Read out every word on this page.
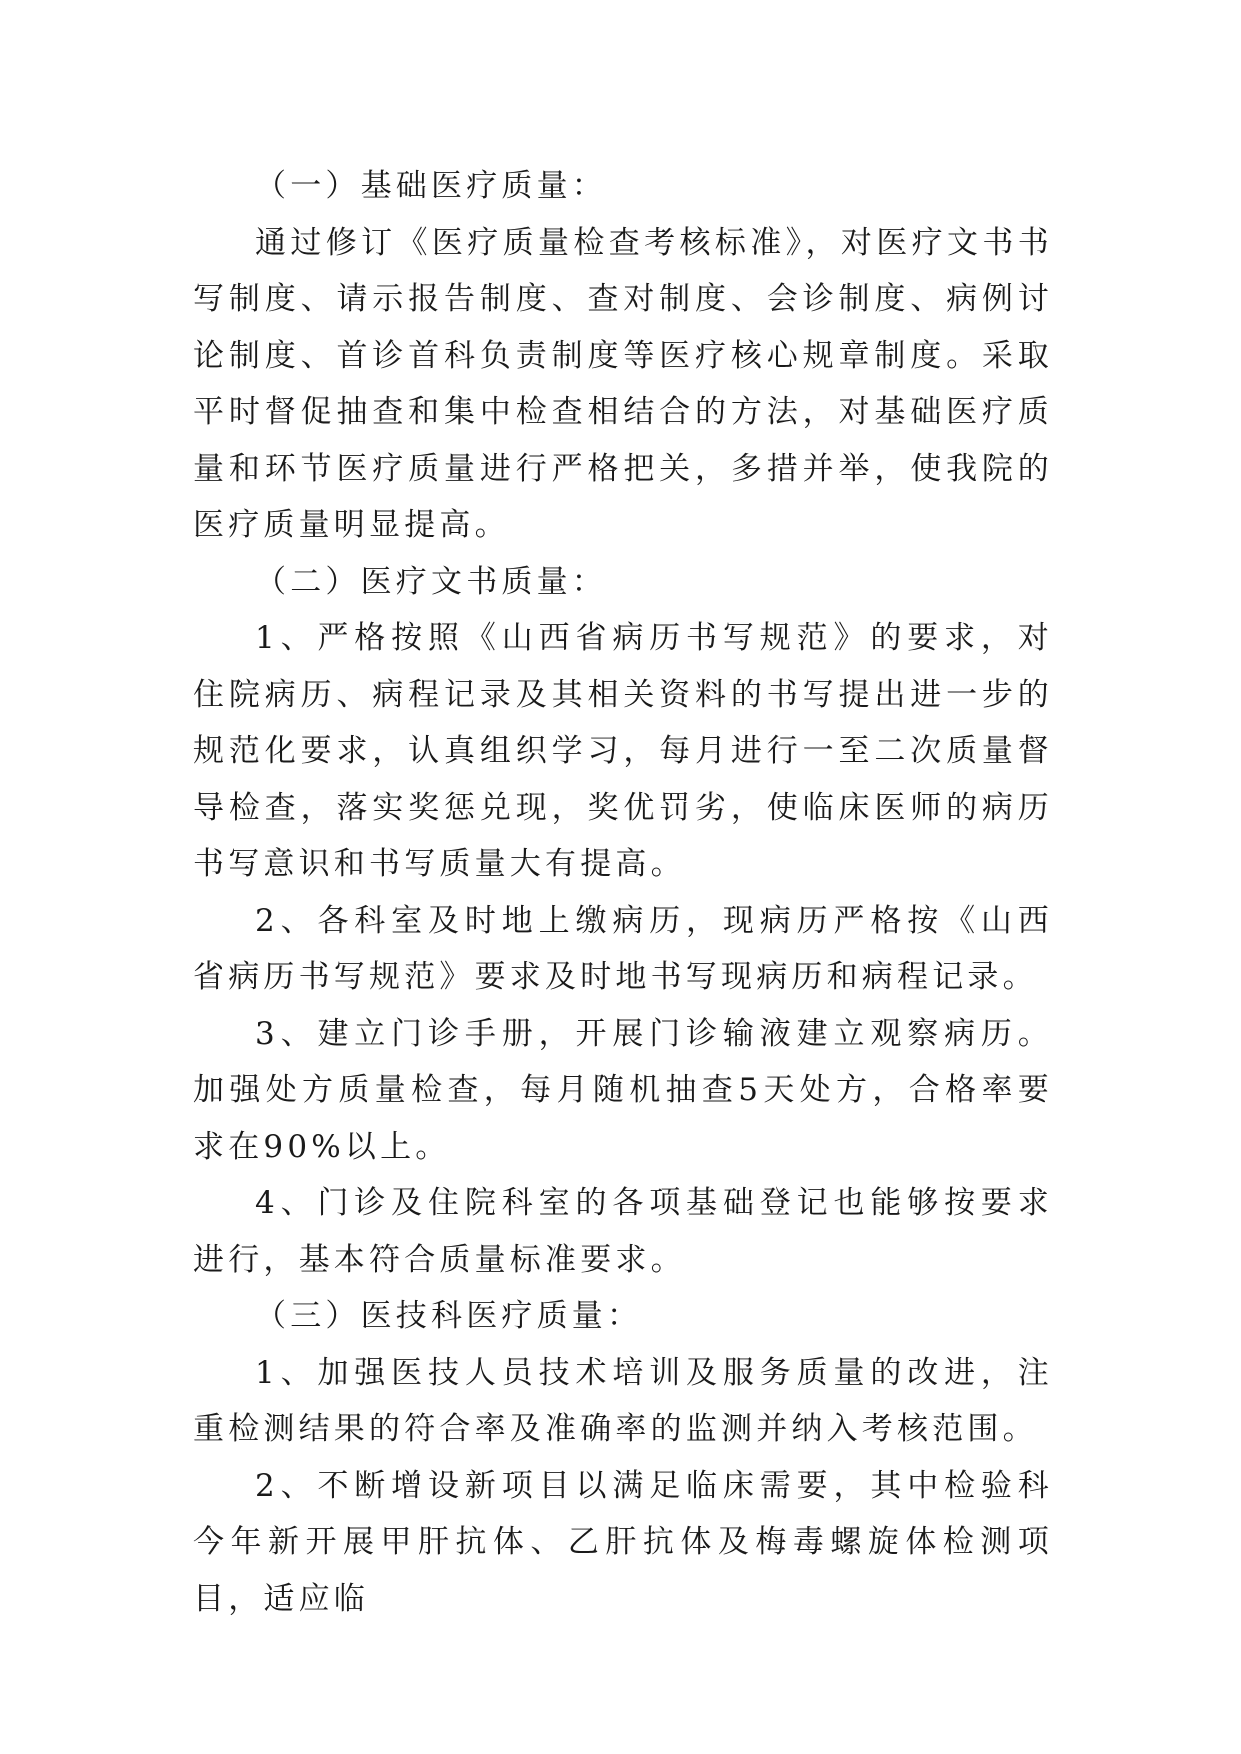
（一）基础医疗质量：

通过修订《医疗质量检查考核标准》，对医疗文书书写制度、请示报告制度、查对制度、会诊制度、病例讨论制度、首诊首科负责制度等医疗核心规章制度。采取平时督促抽查和集中检查相结合的方法，对基础医疗质量和环节医疗质量进行严格把关，多措并举，使我院的医疗质量明显提高。

（二）医疗文书质量：

1、严格按照《山西省病历书写规范》的要求，对住院病历、病程记录及其相关资料的书写提出进一步的规范化要求，认真组织学习，每月进行一至二次质量督导检查，落实奖惩兑现，奖优罚劣，使临床医师的病历书写意识和书写质量大有提高。

2、各科室及时地上缴病历，现病历严格按《山西省病历书写规范》要求及时地书写现病历和病程记录。

3、建立门诊手册，开展门诊输液建立观察病历。加强处方质量检查，每月随机抽查5天处方，合格率要求在90%以上。

4、门诊及住院科室的各项基础登记也能够按要求进行，基本符合质量标准要求。

（三）医技科医疗质量：

1、加强医技人员技术培训及服务质量的改进，注重检测结果的符合率及准确率的监测并纳入考核范围。

2、不断增设新项目以满足临床需要，其中检验科今年新开展甲肝抗体、乙肝抗体及梅毒螺旋体检测项目，适应临
